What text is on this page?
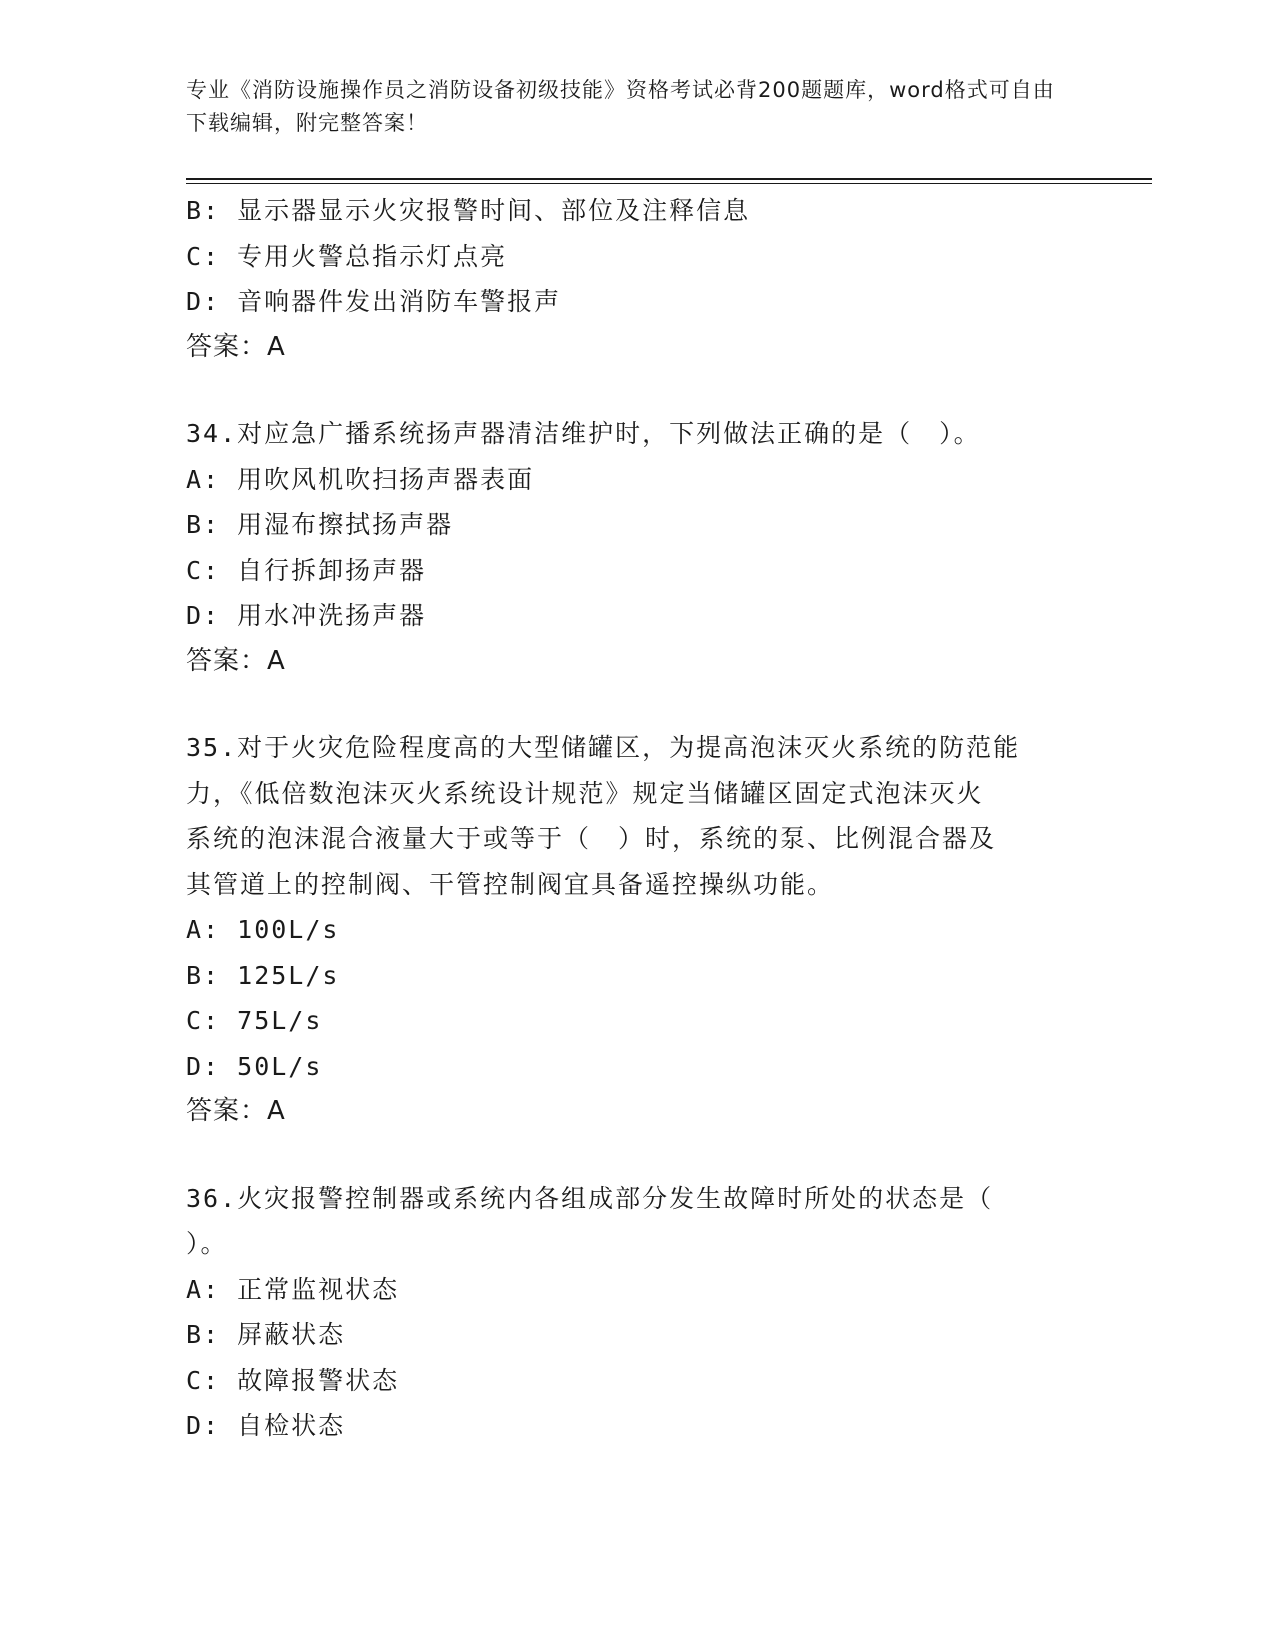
专业《消防设施操作员之消防设备初级技能》资格考试必背200题题库，word格式可自由下载编辑，附完整答案！
B: 显示器显示火灾报警时间、部位及注释信息
C: 专用火警总指示灯点亮
D: 音响器件发出消防车警报声
答案：A
34.对应急广播系统扬声器清洁维护时，下列做法正确的是（　）。
A: 用吹风机吹扫扬声器表面
B: 用湿布擦拭扬声器
C: 自行拆卸扬声器
D: 用水冲洗扬声器
答案：A
35.对于火灾危险程度高的大型储罐区，为提高泡沫灭火系统的防范能
力，《低倍数泡沫灭火系统设计规范》规定当储罐区固定式泡沫灭火
系统的泡沫混合液量大于或等于（　）时，系统的泵、比例混合器及
其管道上的控制阀、干管控制阀宜具备遥控操纵功能。
A: 100L/s
B: 125L/s
C: 75L/s
D: 50L/s
答案：A
36.火灾报警控制器或系统内各组成部分发生故障时所处的状态是（
）。
A: 正常监视状态
B: 屏蔽状态
C: 故障报警状态
D: 自检状态
